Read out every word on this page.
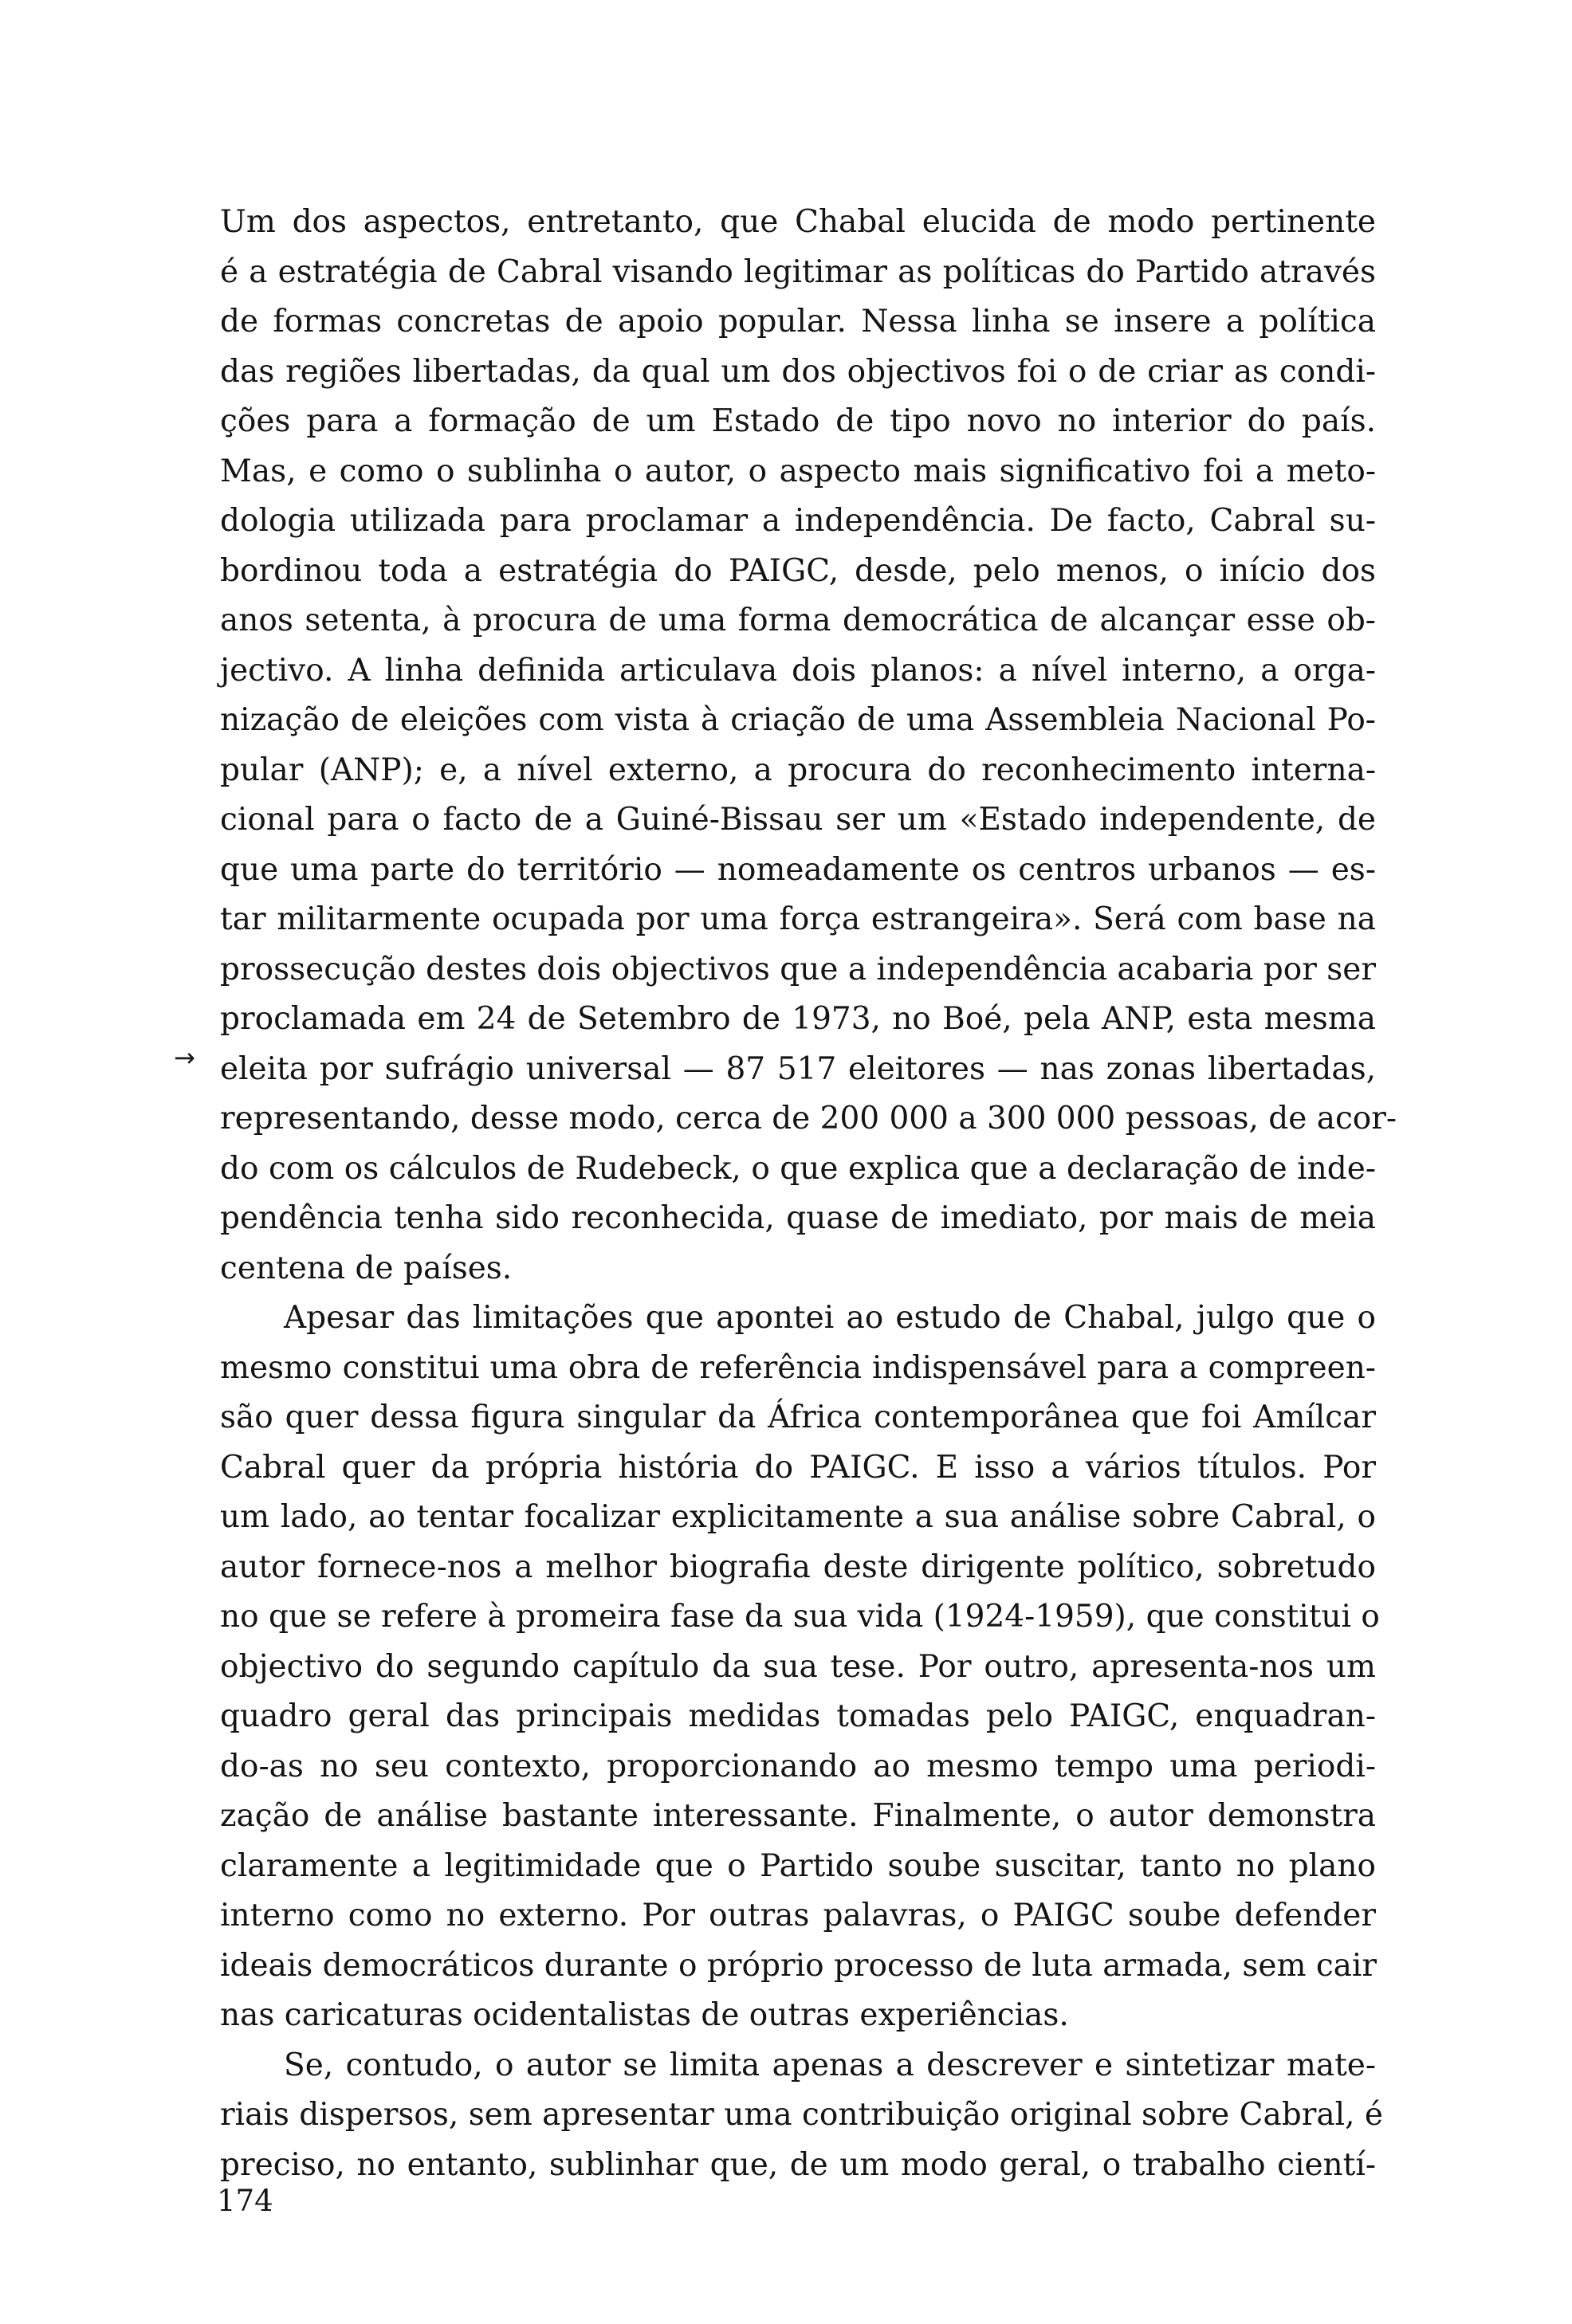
Um dos aspectos, entretanto, que Chabal elucida de modo pertinente
é a estratégia de Cabral visando legitimar as políticas do Partido através
de formas concretas de apoio popular. Nessa linha se insere a política
das regiões libertadas, da qual um dos objectivos foi o de criar as condi-
ções para a formação de um Estado de tipo novo no interior do país.
Mas, e como o sublinha o autor, o aspecto mais significativo foi a meto-
dologia utilizada para proclamar a independência. De facto, Cabral su-
bordinou toda a estratégia do PAIGC, desde, pelo menos, o início dos
anos setenta, à procura de uma forma democrática de alcançar esse ob-
jectivo. A linha definida articulava dois planos: a nível interno, a orga-
nização de eleições com vista à criação de uma Assembleia Nacional Po-
pular (ANP); e, a nível externo, a procura do reconhecimento interna-
cional para o facto de a Guiné-Bissau ser um «Estado independente, de
que uma parte do território — nomeadamente os centros urbanos — es-
tar militarmente ocupada por uma força estrangeira». Será com base na
prossecução destes dois objectivos que a independência acabaria por ser
proclamada em 24 de Setembro de 1973, no Boé, pela ANP, esta mesma
eleita por sufrágio universal — 87 517 eleitores — nas zonas libertadas,
representando, desse modo, cerca de 200 000 a 300 000 pessoas, de acor-
do com os cálculos de Rudebeck, o que explica que a declaração de inde-
pendência tenha sido reconhecida, quase de imediato, por mais de meia
centena de países.
Apesar das limitações que apontei ao estudo de Chabal, julgo que o
mesmo constitui uma obra de referência indispensável para a compreen-
são quer dessa figura singular da África contemporânea que foi Amílcar
Cabral quer da própria história do PAIGC. E isso a vários títulos. Por
um lado, ao tentar focalizar explicitamente a sua análise sobre Cabral, o
autor fornece-nos a melhor biografia deste dirigente político, sobretudo
no que se refere à promeira fase da sua vida (1924-1959), que constitui o
objectivo do segundo capítulo da sua tese. Por outro, apresenta-nos um
quadro geral das principais medidas tomadas pelo PAIGC, enquadran-
do-as no seu contexto, proporcionando ao mesmo tempo uma periodi-
zação de análise bastante interessante. Finalmente, o autor demonstra
claramente a legitimidade que o Partido soube suscitar, tanto no plano
interno como no externo. Por outras palavras, o PAIGC soube defender
ideais democráticos durante o próprio processo de luta armada, sem cair
nas caricaturas ocidentalistas de outras experiências.
Se, contudo, o autor se limita apenas a descrever e sintetizar mate-
riais dispersos, sem apresentar uma contribuição original sobre Cabral, é
preciso, no entanto, sublinhar que, de um modo geral, o trabalho cientí-
→
174
